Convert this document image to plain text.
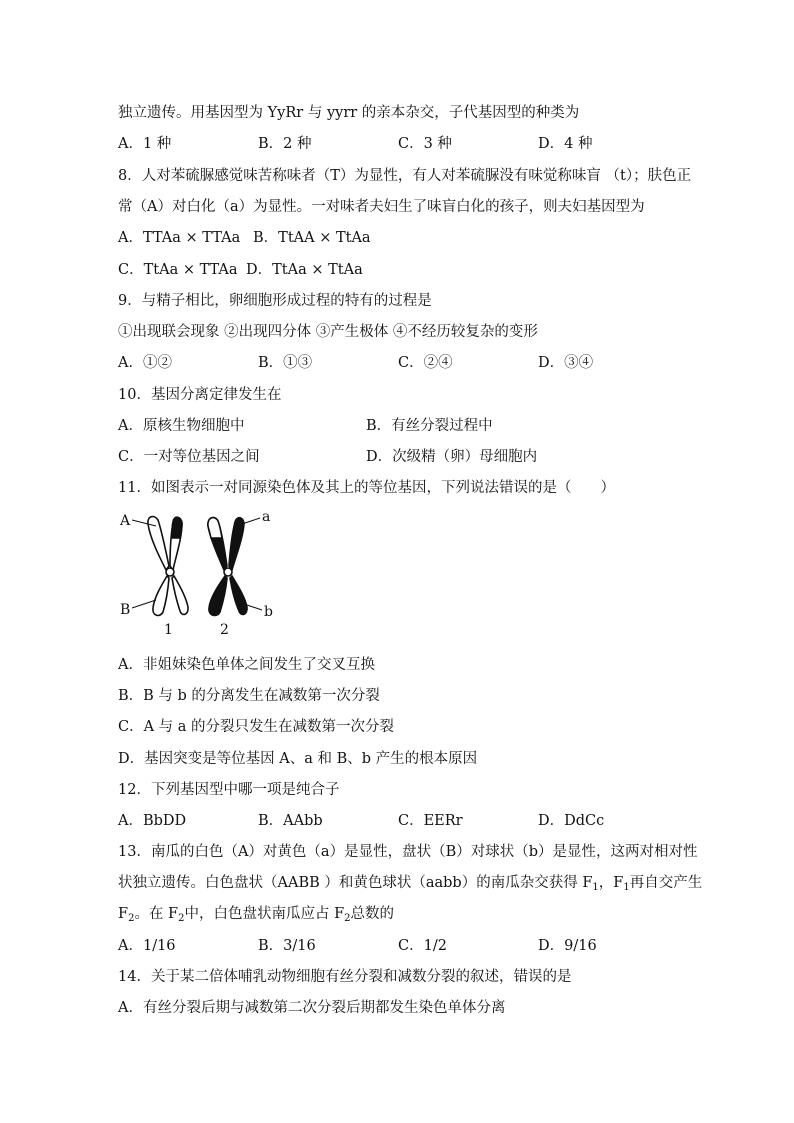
独立遗传。用基因型为 YyRr 与 yyrr 的亲本杂交，子代基因型的种类为
A．1 种	B．2 种	C．3 种	D．4 种
8．人对苯硫脲感觉味苦称味者（T）为显性，有人对苯硫脲没有味觉称味盲 （t）；肤色正
常（A）对白化（a）为显性。一对味者夫妇生了味盲白化的孩子，则夫妇基因型为
A．TTAa × TTAa B．TtAA × TtAa
C．TtAa × TTAa D．TtAa × TtAa
9．与精子相比，卵细胞形成过程的特有的过程是
①出现联会现象 ②出现四分体 ③产生极体 ④不经历较复杂的变形
A．①②	B．①③	C．②④	D．③④
10．基因分离定律发生在
A．原核生物细胞中	B．有丝分裂过程中
C．一对等位基因之间	D．次级精（卵）母细胞内
11．如图表示一对同源染色体及其上的等位基因，下列说法错误的是（　　）
A
B
a
b
1	2
A．非姐妹染色单体之间发生了交叉互换
B．B 与 b 的分离发生在减数第一次分裂
C．A 与 a 的分裂只发生在减数第一次分裂
D．基因突变是等位基因 A、a 和 B、b 产生的根本原因
12．下列基因型中哪一项是纯合子
A．BbDD	B．AAbb	C．EERr	D．DdCc
13．南瓜的白色（A）对黄色（a）是显性，盘状（B）对球状（b）是显性，这两对相对性
状独立遗传。白色盘状（AABB ）和黄色球状（aabb）的南瓜杂交获得 $F_1$，$F_1$再自交产生
$F_2$。在 $F_2$中，白色盘状南瓜应占 $F_2$总数的
A．1/16	B．3/16	C．1/2	D．9/16
14．关于某二倍体哺乳动物细胞有丝分裂和减数分裂的叙述，错误的是
A．有丝分裂后期与减数第二次分裂后期都发生染色单体分离
